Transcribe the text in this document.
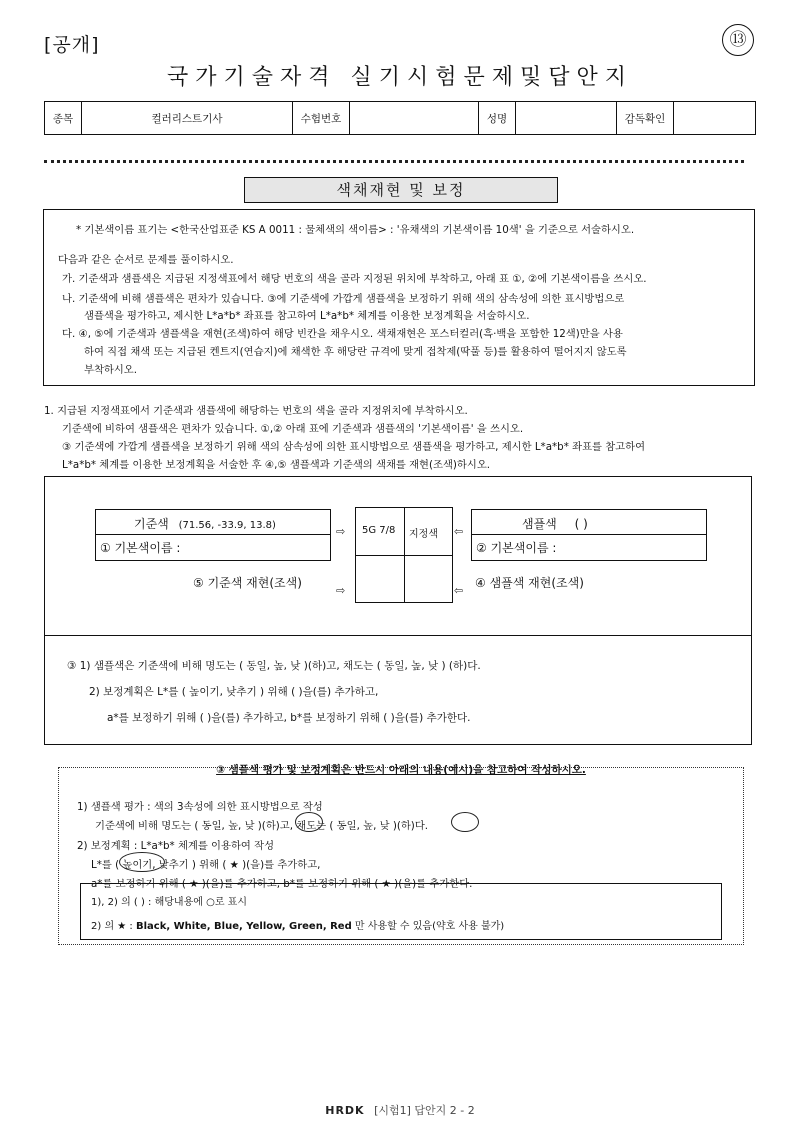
[공개]	⑬
국가기술자격 실기시험문제및답안지
종목	컬러리스트기사	수험번호		성명		감독확인	
색채재현 및 보정
* 기본색이름 표기는 <한국산업표준 KS A 0011 : 물체색의 색이름> : '유채색의 기본색이름 10색' 을 기준으로 서술하시오.
다음과 같은 순서로 문제를 풀이하시오.
가. 기준색과 샘플색은 지급된 지정색표에서 해당 번호의 색을 골라 지정된 위치에 부착하고, 아래 표 ①, ②에 기본색이름을 쓰시오.
나. 기준색에 비해 샘플색은 편차가 있습니다. ③에 기준색에 가깝게 샘플색을 보정하기 위해 색의 삼속성에 의한 표시방법으로
샘플색을 평가하고, 제시한 L*a*b* 좌표를 참고하여 L*a*b* 체계를 이용한 보정계획을 서술하시오.
다. ④, ⑤에 기준색과 샘플색을 재현(조색)하여 해당 빈칸을 채우시오. 색채재현은 포스터컬러(흑·백을 포함한 12색)만을 사용
하여 직접 채색 또는 지급된 켄트지(연습지)에 채색한 후 해당란 규격에 맞게 접착제(딱풀 등)를 활용하여 떨어지지 않도록
부착하시오.
1. 지급된 지정색표에서 기준색과 샘플색에 해당하는 번호의 색을 골라 지정위치에 부착하시오.
기준색에 비하여 샘플색은 편차가 있습니다. ①,② 아래 표에 기준색과 샘플색의 '기본색이름' 을 쓰시오.
③ 기준색에 가깝게 샘플색을 보정하기 위해 색의 삼속성에 의한 표시방법으로 샘플색을 평가하고, 제시한 L*a*b* 좌표를 참고하여
L*a*b* 체계를 이용한 보정계획을 서술한 후 ④,⑤ 샘플색과 기준색의 색채를 재현(조색)하시오.
기준색 (71.56, -33.9, 13.8)
① 기본색이름 :
⇨	⇦
⇨	⇦
5G 7/8 지정색
샘플색 ( )
② 기본색이름 :
⑤ 기준색 재현(조색)	④ 샘플색 재현(조색)
③ 1) 샘플색은 기준색에 비해 명도는 ( 동일, 높, 낮 )(하)고, 채도는 ( 동일, 높, 낮 ) (하)다.
2) 보정계획은 L*를 ( 높이기, 낮추기 ) 위해 ( )을(를) 추가하고,
a*를 보정하기 위해 ( )을(를) 추가하고, b*를 보정하기 위해 ( )을(를) 추가한다.
③ 샘플색 평가 및 보정계획은 반드시 아래의 내용(예시)을 참고하여 작성하시오.
1) 샘플색 평가 : 색의 3속성에 의한 표시방법으로 작성
기준색에 비해 명도는 ( 동일, 높, 낮 )(하)고, 채도는 ( 동일, 높, 낮 )(하)다.
2) 보정계획 : L*a*b* 체계를 이용하여 작성
L*를 ( 높이기, 낮추기 ) 위해 ( ★ )(을)를 추가하고,
a*를 보정하기 위해 ( ★ )(을)를 추가하고, b*를 보정하기 위해 ( ★ )(을)를 추가한다.
1), 2) 의 ( ) : 해당내용에 ○로 표시
2) 의 ★ : Black, White, Blue, Yellow, Green, Red 만 사용할 수 있음(약호 사용 불가)
HRDK [시험1] 답안지 2 - 2
